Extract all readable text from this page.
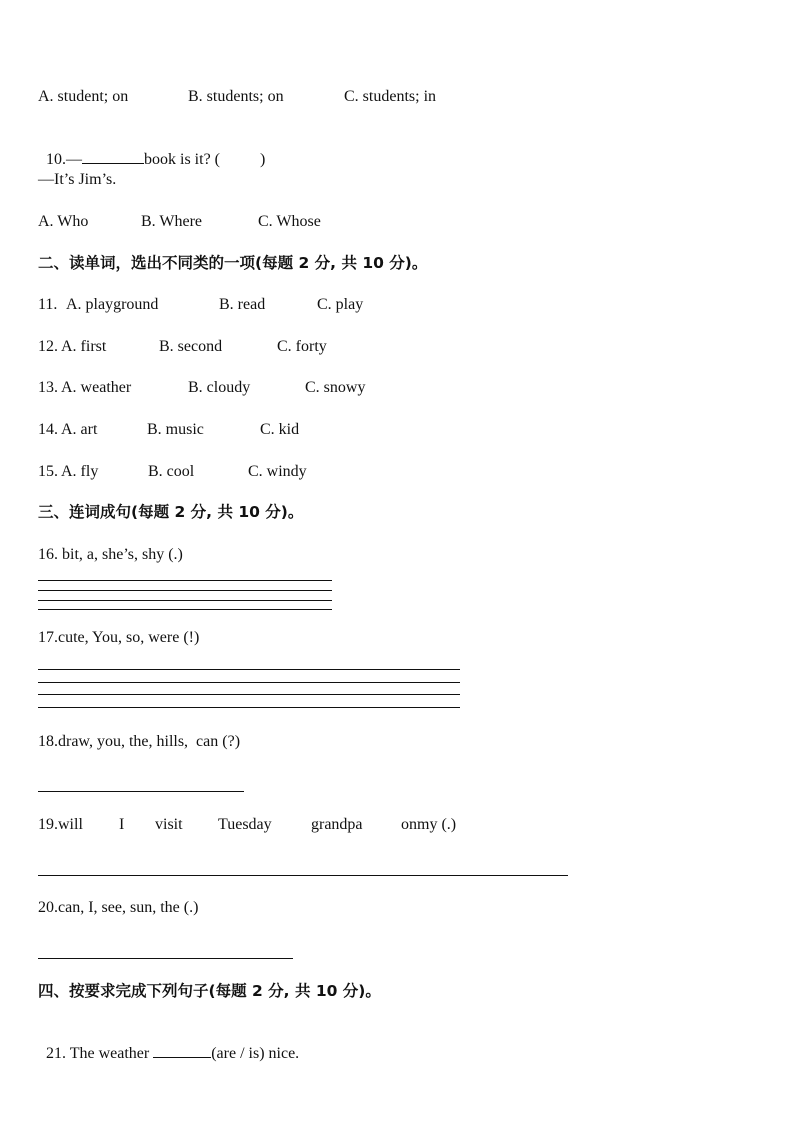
A. student; on

	B. students; on

	C. students; in

10.—	book is it? (	)

—It’s Jim’s.

A. Who

	B. Where

	C. Whose

二、读单词，选出不同类的一项(每题 2 分, 共 10 分)。

11.

A. playground

	B. read

	C. play

12.

A. first

	B. second

	C. forty

13.

A. weather

	B. cloudy

	C. snowy

14.

A. art

	B. music

	C. kid

15.

A. fly

	B. cool

	C. windy

三、连词成句(每题 2 分, 共 10 分)。
16. bit, a, she’s, shy (.)
17.cute, You, so, were (!)
18.draw, you, the, hills,  can (?)

19.will

I

visit

Tuesday

grandpa

onmy (.)

20.can, I, see, sun, the (.)
四、按要求完成下列句子(每题 2 分, 共 10 分)。

21. The weather	(are / is) nice.
